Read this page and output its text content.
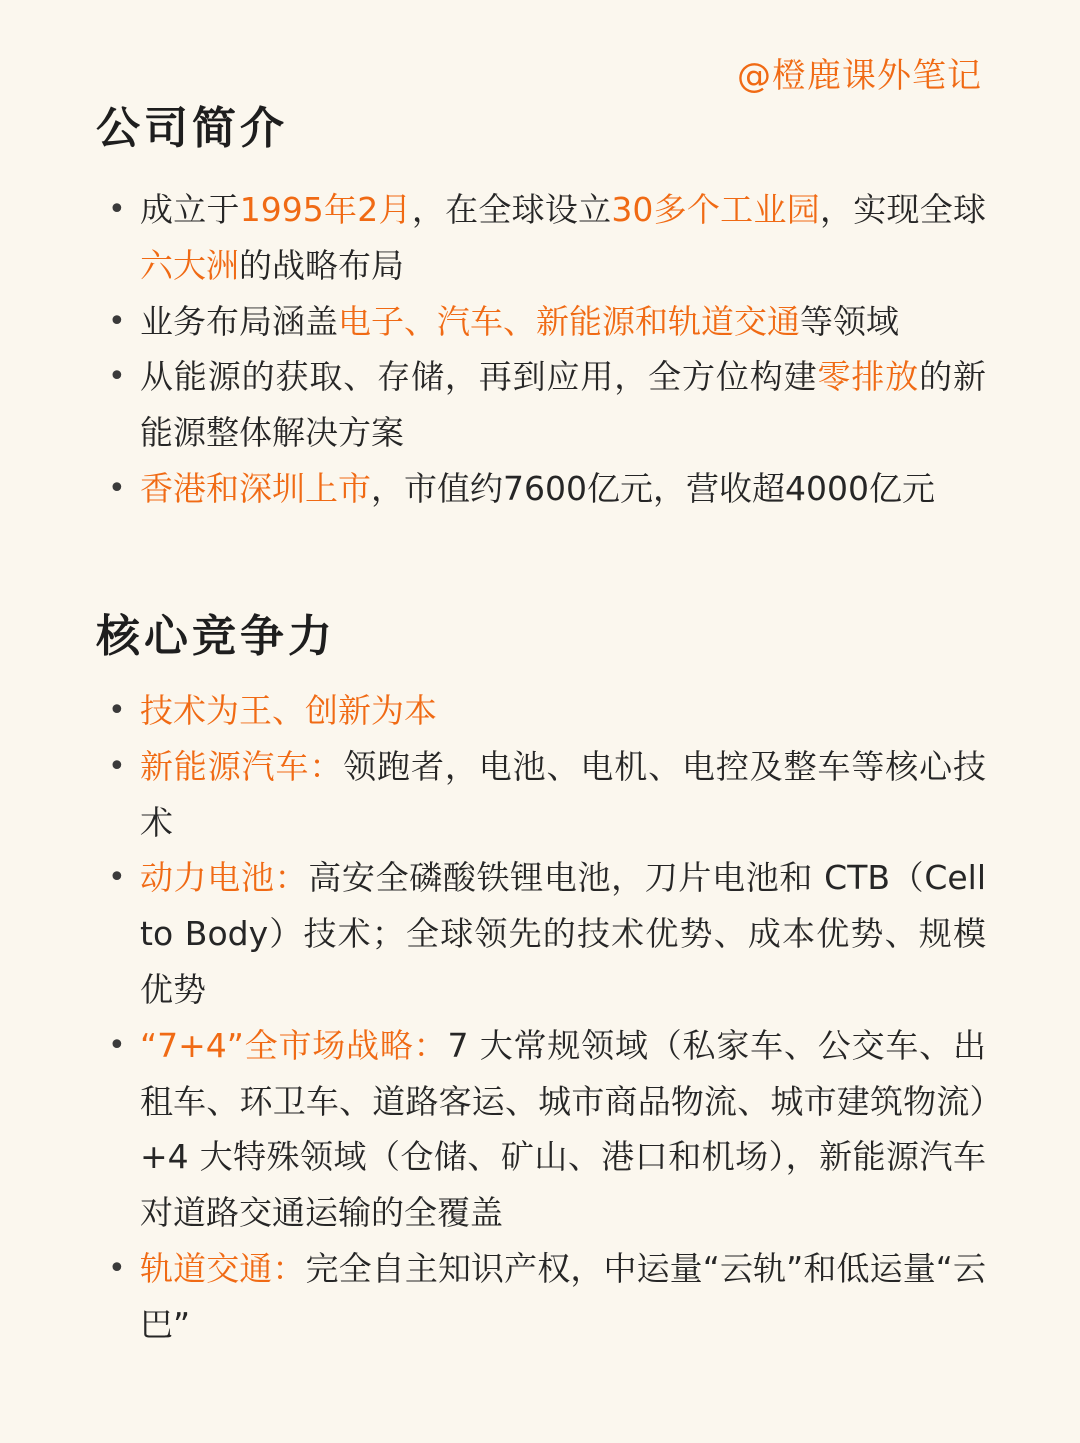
@橙鹿课外笔记
公司简介
• 成立于1995年2月，在全球设立30多个工业园，实现全球六大洲的战略布局
• 业务布局涵盖电子、汽车、新能源和轨道交通等领域
• 从能源的获取、存储，再到应用，全方位构建零排放的新能源整体解决方案
• 香港和深圳上市，市值约7600亿元，营收超4000亿元
核心竞争力
• 技术为王、创新为本
• 新能源汽车：领跑者，电池、电机、电控及整车等核心技术
• 动力电池：高安全磷酸铁锂电池，刀片电池和 CTB（Cell to Body）技术；全球领先的技术优势、成本优势、规模优势
• “7+4”全市场战略：7 大常规领域（私家车、公交车、出租车、环卫车、道路客运、城市商品物流、城市建筑物流）+4 大特殊领域（仓储、矿山、港口和机场），新能源汽车对道路交通运输的全覆盖
• 轨道交通：完全自主知识产权，中运量“云轨”和低运量“云巴”
